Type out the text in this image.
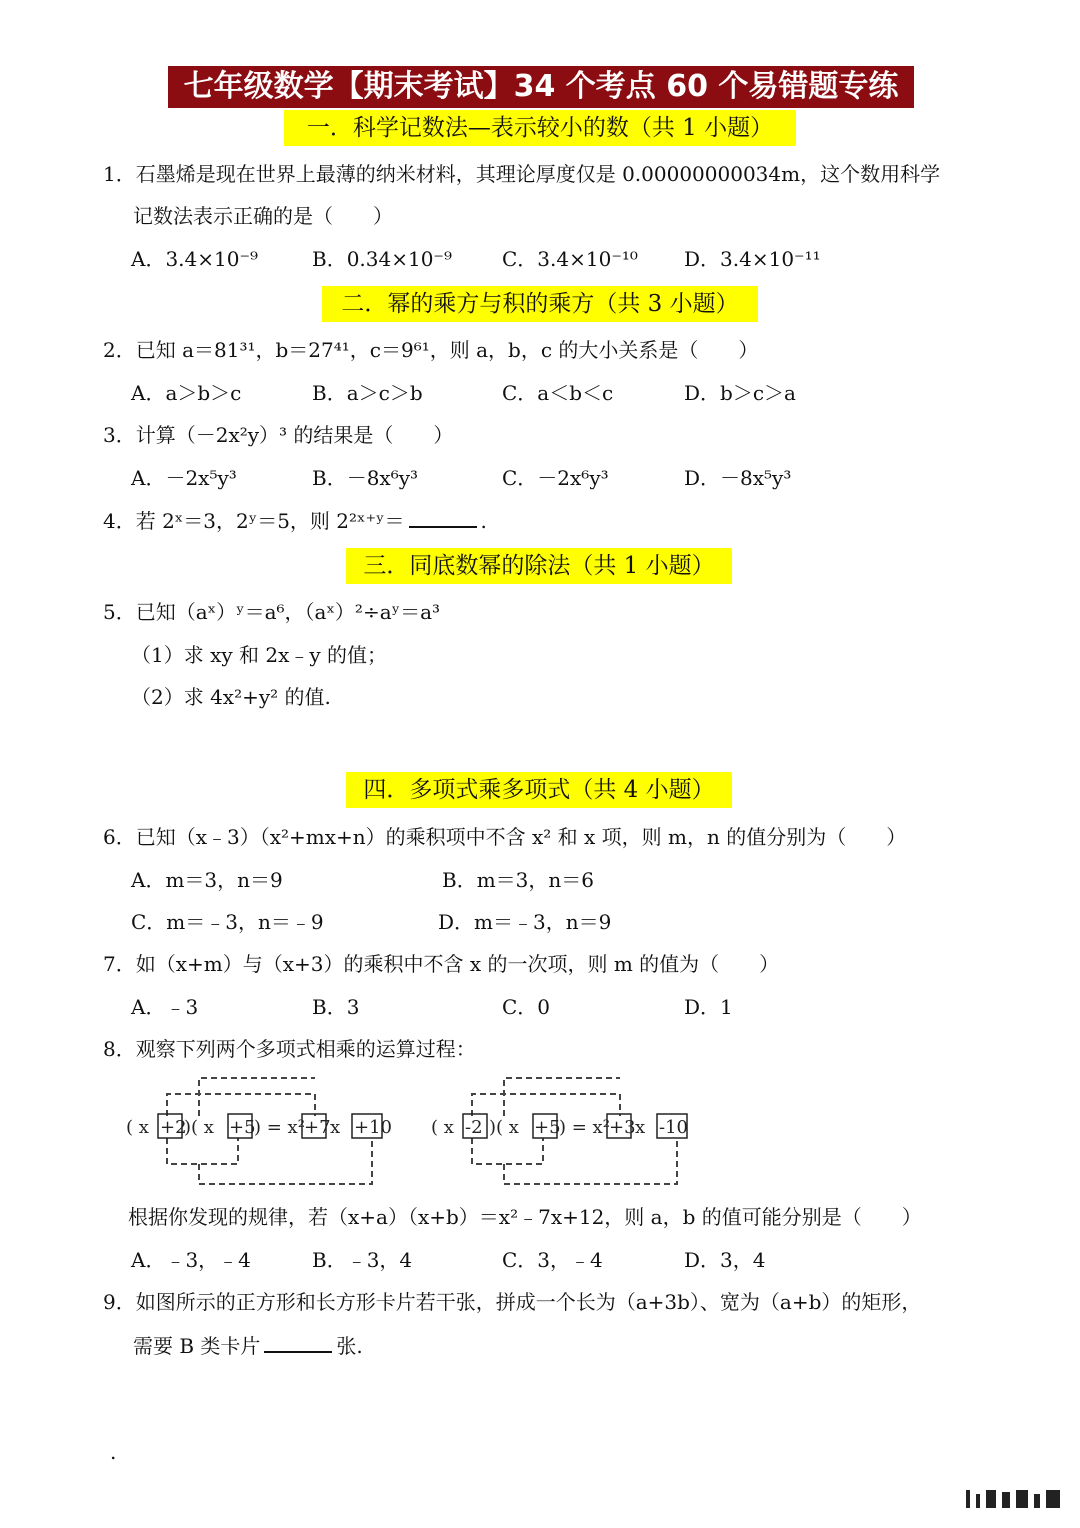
七年级数学【期末考试】34 个考点 60 个易错题专练
一．科学记数法—表示较小的数（共 1 小题）
1．石墨烯是现在世界上最薄的纳米材料，其理论厚度仅是 0.00000000034m，这个数用科学
记数法表示正确的是（　　）
A．3.4×10⁻⁹	B．0.34×10⁻⁹ C．3.4×10⁻¹⁰ D．3.4×10⁻¹¹
二．幂的乘方与积的乘方（共 3 小题）
2．已知 a＝81³¹，b＝27⁴¹，c＝9⁶¹，则 a，b，c 的大小关系是（　　）
A．a＞b＞c	B．a＞c＞b	C．a＜b＜c	D．b＞c＞a
3．计算（－2x²y）³ 的结果是（　　）
A．－2x⁵y³	B．－8x⁶y³	C．－2x⁶y³	D．－8x⁵y³
4．若 2ˣ＝3，2ʸ＝5，则 2²ˣ⁺ʸ＝	.
三．同底数幂的除法（共 1 小题）
5．已知（aˣ）ʸ＝a⁶，（aˣ）²÷aʸ＝a³
（1）求 xy 和 2x﹣y 的值；
（2）求 4x²+y² 的值.
四．多项式乘多项式（共 4 小题）
6．已知（x﹣3）（x²+mx+n）的乘积项中不含 x² 和 x 项，则 m，n 的值分别为（　　）
A．m＝3，n＝9	B．m＝3，n＝6
C．m＝﹣3，n＝﹣9	D．m＝﹣3，n＝9
7．如（x+m）与（x+3）的乘积中不含 x 的一次项，则 m 的值为（　　）
A．﹣3	B．3	C．0	D．1
8．观察下列两个多项式相乘的运算过程：
( x +2
)( x +5
) = x² +7 x +10 ( x -2 )( x +5
) = x² +3 x -10
根据你发现的规律，若（x+a）（x+b）＝x²﹣7x+12，则 a，b 的值可能分别是（　　）
A．﹣3，﹣4	B．﹣3，4	C．3，﹣4	D．3，4
9．如图所示的正方形和长方形卡片若干张，拼成一个长为（a+3b）、宽为（a+b）的矩形，
需要 B 类卡片	张.
.
